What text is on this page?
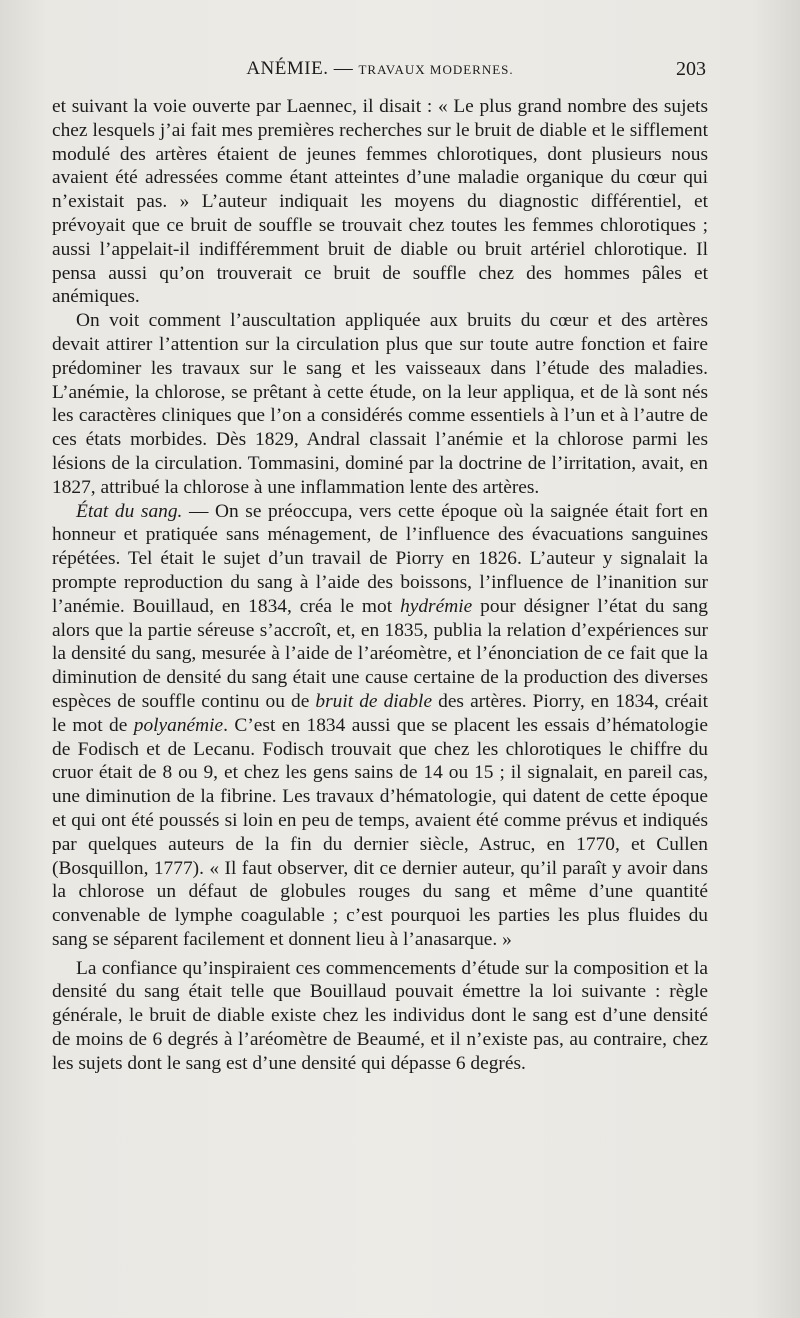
ANÉMIE. — TRAVAUX MODERNES.	203

et suivant la voie ouverte par Laennec, il disait : « Le plus grand nombre des sujets chez lesquels j’ai fait mes premières recherches sur le bruit de diable et le sifflement modulé des artères étaient de jeunes femmes chlorotiques, dont plusieurs nous avaient été adressées comme étant atteintes d’une maladie organique du cœur qui n’existait pas. » L’auteur indiquait les moyens du diagnostic différentiel, et prévoyait que ce bruit de souffle se trouvait chez toutes les femmes chlorotiques ; aussi l’appelait-il indifféremment bruit de diable ou bruit artériel chlorotique. Il pensa aussi qu’on trouverait ce bruit de souffle chez des hommes pâles et anémiques.

On voit comment l’auscultation appliquée aux bruits du cœur et des artères devait attirer l’attention sur la circulation plus que sur toute autre fonction et faire prédominer les travaux sur le sang et les vaisseaux dans l’étude des maladies. L’anémie, la chlorose, se prêtant à cette étude, on la leur appliqua, et de là sont nés les caractères cliniques que l’on a considérés comme essentiels à l’un et à l’autre de ces états morbides. Dès 1829, Andral classait l’anémie et la chlorose parmi les lésions de la circulation. Tommasini, dominé par la doctrine de l’irritation, avait, en 1827, attribué la chlorose à une inflammation lente des artères.

État du sang. — On se préoccupa, vers cette époque où la saignée était fort en honneur et pratiquée sans ménagement, de l’influence des évacuations sanguines répétées. Tel était le sujet d’un travail de Piorry en 1826. L’auteur y signalait la prompte reproduction du sang à l’aide des boissons, l’influence de l’inanition sur l’anémie. Bouillaud, en 1834, créa le mot hydrémie pour désigner l’état du sang alors que la partie séreuse s’accroît, et, en 1835, publia la relation d’expériences sur la densité du sang, mesurée à l’aide de l’aréomètre, et l’énonciation de ce fait que la diminution de densité du sang était une cause certaine de la production des diverses espèces de souffle continu ou de bruit de diable des artères. Piorry, en 1834, créait le mot de polyanémie. C’est en 1834 aussi que se placent les essais d’hématologie de Fodisch et de Lecanu. Fodisch trouvait que chez les chlorotiques le chiffre du cruor était de 8 ou 9, et chez les gens sains de 14 ou 15 ; il signalait, en pareil cas, une diminution de la fibrine. Les travaux d’hématologie, qui datent de cette époque et qui ont été poussés si loin en peu de temps, avaient été comme prévus et indiqués par quelques auteurs de la fin du dernier siècle, Astruc, en 1770, et Cullen (Bosquillon, 1777). « Il faut observer, dit ce dernier auteur, qu’il paraît y avoir dans la chlorose un défaut de globules rouges du sang et même d’une quantité convenable de lymphe coagulable ; c’est pourquoi les parties les plus fluides du sang se séparent facilement et donnent lieu à l’anasarque. »

La confiance qu’inspiraient ces commencements d’étude sur la composition et la densité du sang était telle que Bouillaud pouvait émettre la loi suivante : règle générale, le bruit de diable existe chez les individus dont le sang est d’une densité de moins de 6 degrés à l’aréomètre de Beaumé, et il n’existe pas, au contraire, chez les sujets dont le sang est d’une densité qui dépasse 6 degrés.
